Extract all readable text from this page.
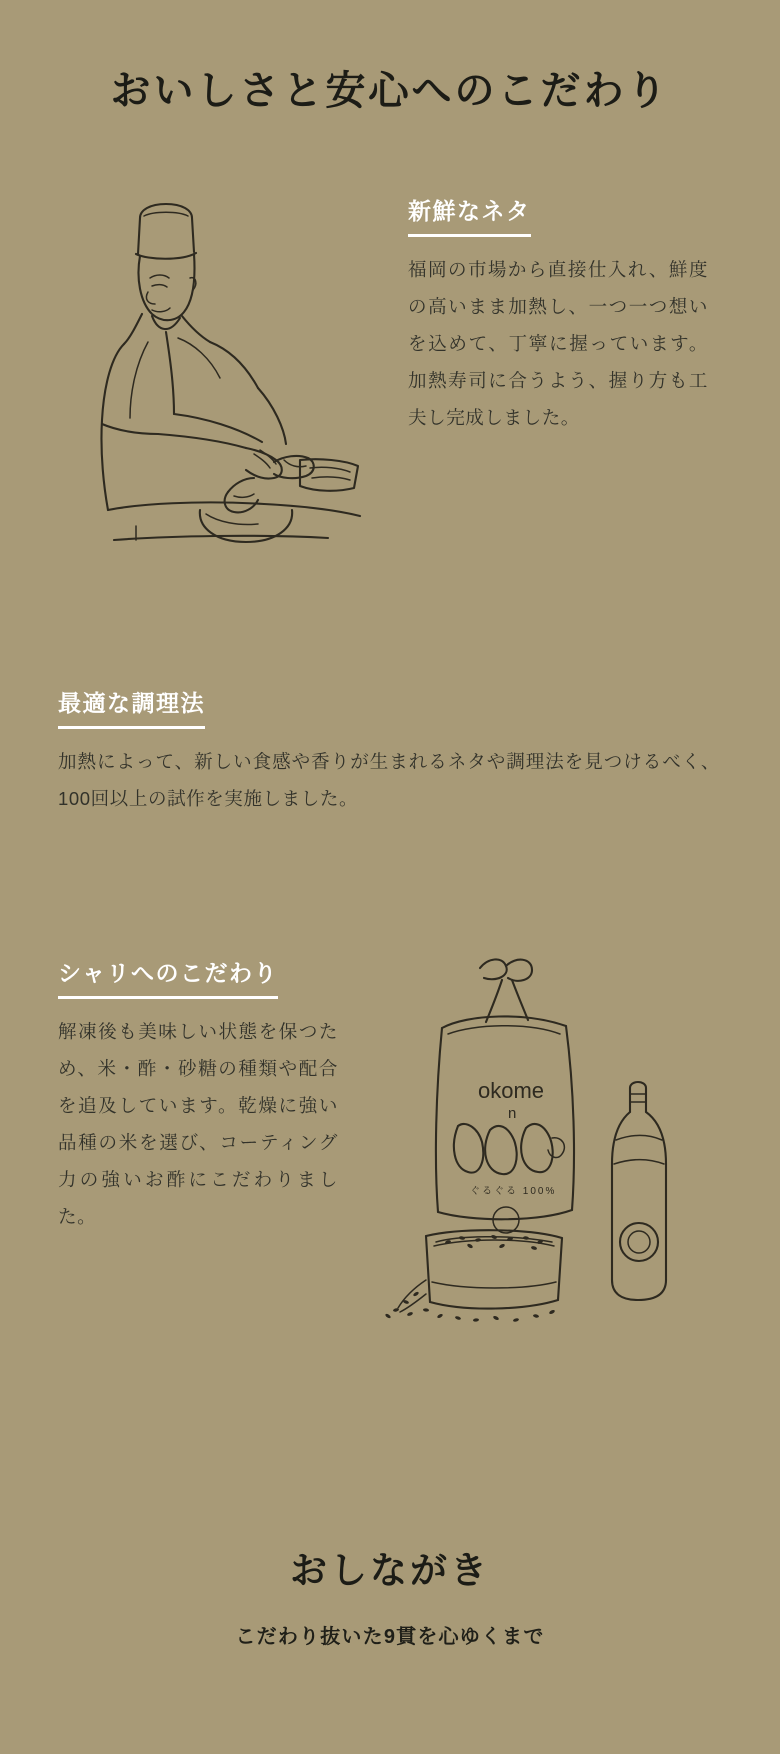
おいしさと安心へのこだわり
新鮮なネタ

福岡の市場から直接仕入れ、鮮度の高いまま加熱し、一つ一つ想いを込めて、丁寧に握っています。加熱寿司に合うよう、握り方も工夫し完成しました。

最適な調理法

加熱によって、新しい食感や香りが生まれるネタや調理法を見つけるべく、100回以上の試作を実施しました。

シャリへのこだわり

解凍後も美味しい状態を保つため、米・酢・砂糖の種類や配合を追及しています。乾燥に強い品種の米を選び、コーティング力の強いお酢にこだわりました。

okome
n
ぐるぐる 100%
おしながき

こだわり抜いた9貫を心ゆくまで
